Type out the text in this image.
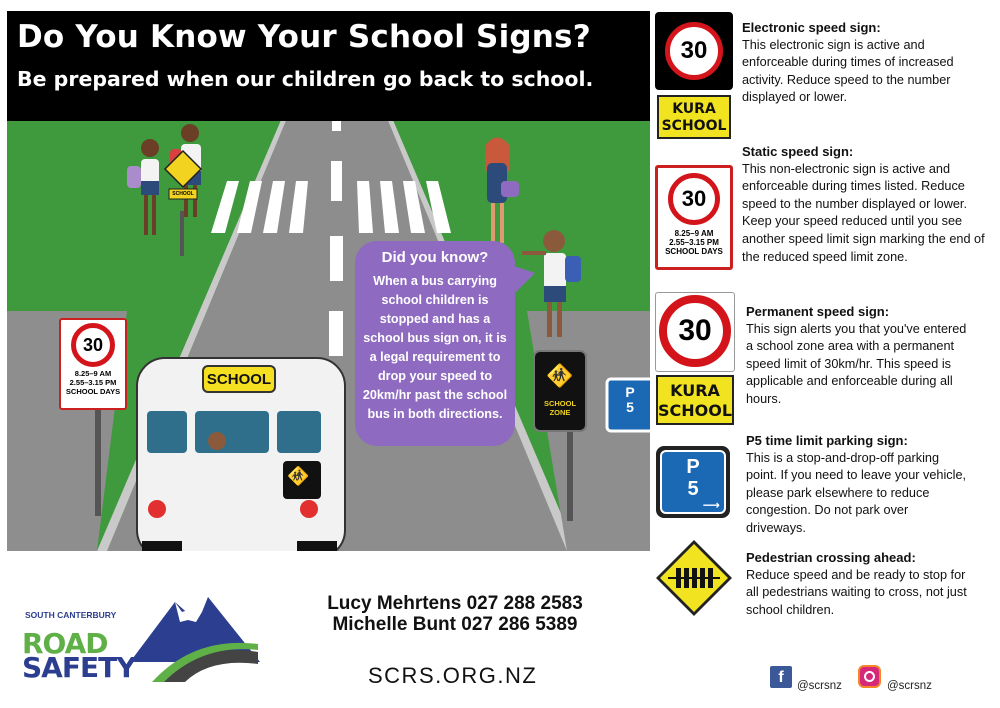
Do You Know Your School Signs?
Be prepared when our children go back to school.
30
8.25–9 AM
2.55–3.15 PM
SCHOOL DAYS
SCHOOL
SCHOOL
🚸
🚸
SCHOOL
ZONE
P
5
Did you know?
When a bus carrying school children is stopped and has a school bus sign on, it is a legal requirement to drop your speed to 20km/hr past the school bus in both directions.
30
KURA
SCHOOL
30
8.25–9 AM
2.55–3.15 PM
SCHOOL DAYS
30
KURA
SCHOOL
P
5
⟶
Electronic speed sign:
This electronic sign is active and enforceable during times of increased activity. Reduce speed to the number displayed or lower.
Static speed sign:
This non-electronic sign is active and enforceable during times listed. Reduce speed to the number displayed or lower. Keep your speed reduced until you see another speed limit sign marking the end of the reduced speed limit zone.
Permanent speed sign:
This sign alerts you that you've entered a school zone area with a permanent speed limit of 30km/hr. This speed is applicable and enforceable during all hours.
P5 time limit parking sign:
This is a stop-and-drop-off parking point. If you need to leave your vehicle, please park elsewhere to reduce congestion. Do not park over driveways.
Pedestrian crossing ahead:
Reduce speed and be ready to stop for all pedestrians waiting to cross, not just school children.
SOUTH CANTERBURY
ROAD
SAFETY
Lucy Mehrtens 027 288 2583
Michelle Bunt 027 286 5389
SCRS.ORG.NZ	f	@scrsnz	@scrsnz
